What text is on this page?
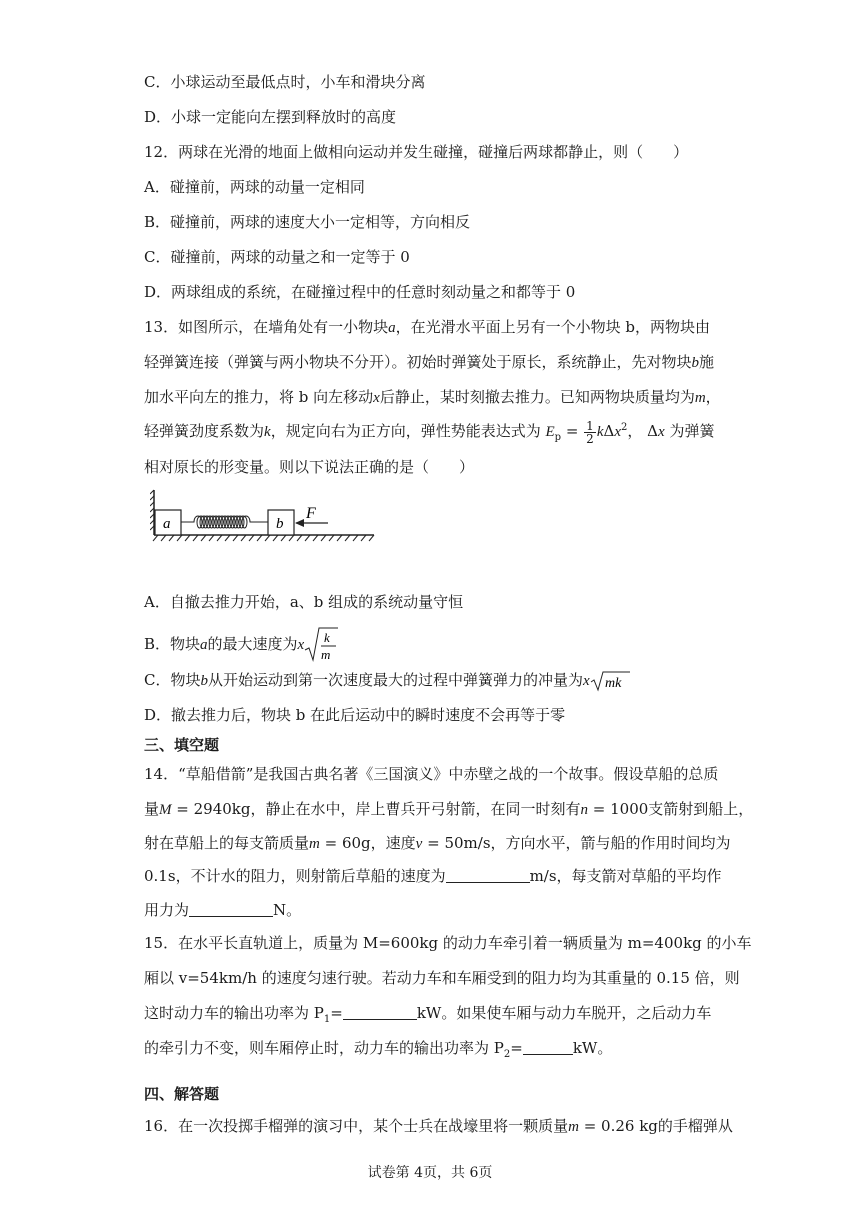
C．小球运动至最低点时，小车和滑块分离
D．小球一定能向左摆到释放时的高度
12．两球在光滑的地面上做相向运动并发生碰撞，碰撞后两球都静止，则（　　）
A．碰撞前，两球的动量一定相同
B．碰撞前，两球的速度大小一定相等，方向相反
C．碰撞前，两球的动量之和一定等于 0
D．两球组成的系统，在碰撞过程中的任意时刻动量之和都等于 0
13．如图所示，在墙角处有一小物块a，在光滑水平面上另有一个小物块 b，两物块由
轻弹簧连接（弹簧与两小物块不分开）。初始时弹簧处于原长，系统静止，先对物块b施
加水平向左的推力，将 b 向左移动x后静止，某时刻撤去推力。已知两物块质量均为m，
轻弹簧劲度系数为k，规定向右为正方向，弹性势能表达式为 $E_p = \frac{1}{2} k\Delta x^2$， Δx 为弹簧
相对原长的形变量。则以下说法正确的是（　　）
a	b
F
A．自撤去推力开始，a、b 组成的系统动量守恒
B．物块a的最大速度为x k
m
C．物块b从开始运动到第一次速度最大的过程中弹簧弹力的冲量为x mk
D．撤去推力后，物块 b 在此后运动中的瞬时速度不会再等于零
三、填空题
14．“草船借箭”是我国古典名著《三国演义》中赤壁之战的一个故事。假设草船的总质
量M = 2940kg，静止在水中，岸上曹兵开弓射箭，在同一时刻有n = 1000支箭射到船上，
射在草船上的每支箭质量m = 60g，速度v = 50m/s，方向水平，箭与船的作用时间均为
0.1s，不计水的阻力，则射箭后草船的速度为	m/s，每支箭对草船的平均作
用力为	N。
15．在水平长直轨道上，质量为 M=600kg 的动力车牵引着一辆质量为 m=400kg 的小车
厢以 v=54km/h 的速度匀速行驶。若动力车和车厢受到的阻力均为其重量的 0.15 倍，则
这时动力车的输出功率为 $P_1=$	kW。如果使车厢与动力车脱开，之后动力车
的牵引力不变，则车厢停止时，动力车的输出功率为 $P_2=$	kW。
四、解答题
16．在一次投掷手榴弹的演习中，某个士兵在战壕里将一颗质量m = 0.26 kg的手榴弹从
试卷第 4页，共 6页
